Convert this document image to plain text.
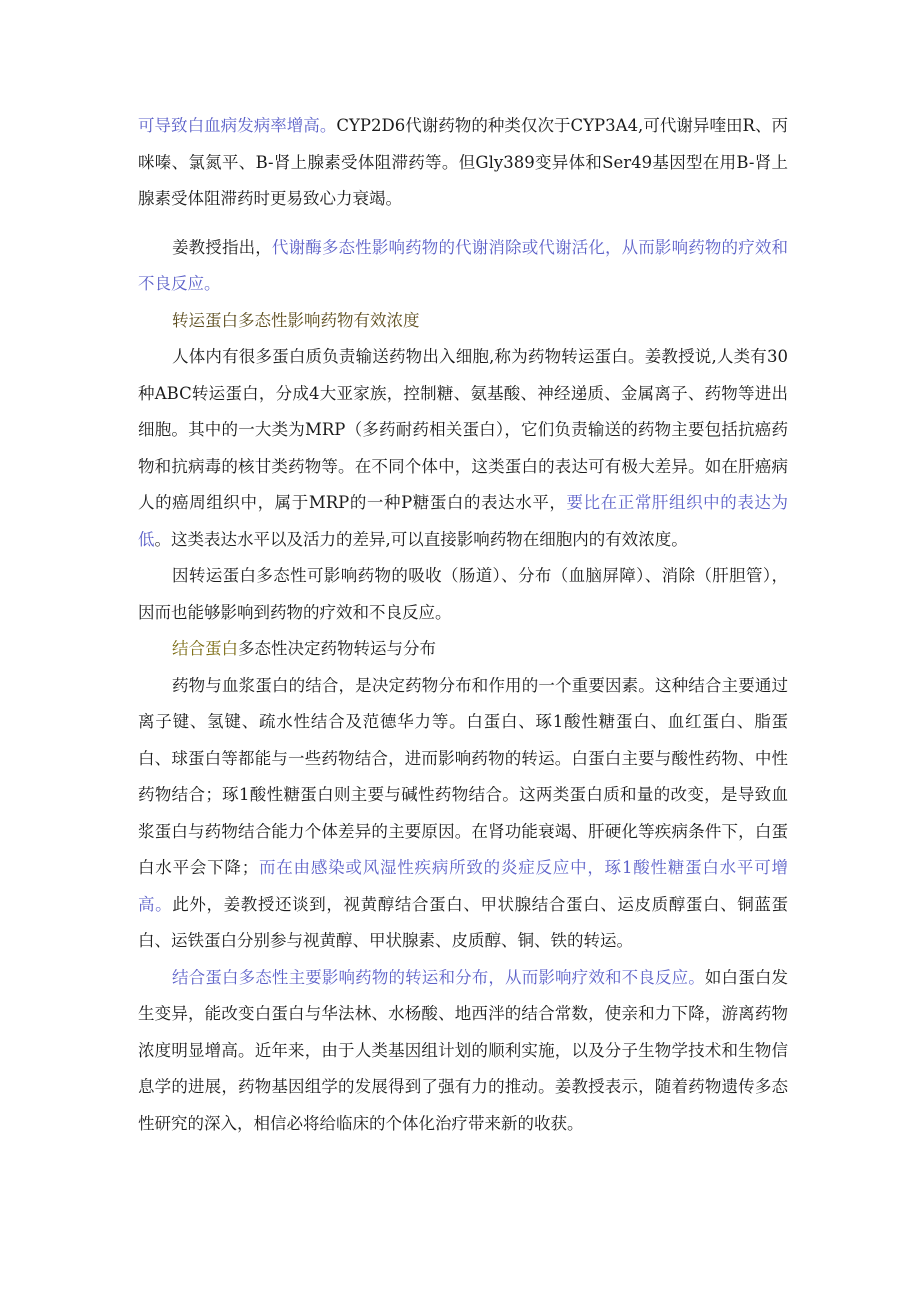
可导致白血病发病率增高。CYP2D6代谢药物的种类仅次于CYP3A4,可代谢异喹田R、丙咪嗪、氯氮平、B-肾上腺素受体阻滞药等。但Gly389变异体和Ser49基因型在用B-肾上腺素受体阻滞药时更易致心力衰竭。

姜教授指出，代谢酶多态性影响药物的代谢消除或代谢活化，从而影响药物的疗效和不良反应。

转运蛋白多态性影响药物有效浓度

人体内有很多蛋白质负责输送药物出入细胞,称为药物转运蛋白。姜教授说,人类有30种ABC转运蛋白，分成4大亚家族，控制糖、氨基酸、神经递质、金属离子、药物等进出细胞。其中的一大类为MRP（多药耐药相关蛋白），它们负责输送的药物主要包括抗癌药物和抗病毒的核甘类药物等。在不同个体中，这类蛋白的表达可有极大差异。如在肝癌病人的癌周组织中，属于MRP的一种P糖蛋白的表达水平，要比在正常肝组织中的表达为低。这类表达水平以及活力的差异,可以直接影响药物在细胞内的有效浓度。

因转运蛋白多态性可影响药物的吸收（肠道）、分布（血脑屏障）、消除（肝胆管），因而也能够影响到药物的疗效和不良反应。

结合蛋白多态性决定药物转运与分布

药物与血浆蛋白的结合，是决定药物分布和作用的一个重要因素。这种结合主要通过离子键、氢键、疏水性结合及范德华力等。白蛋白、琢1酸性糖蛋白、血红蛋白、脂蛋白、球蛋白等都能与一些药物结合，进而影响药物的转运。白蛋白主要与酸性药物、中性药物结合；琢1酸性糖蛋白则主要与碱性药物结合。这两类蛋白质和量的改变，是导致血浆蛋白与药物结合能力个体差异的主要原因。在肾功能衰竭、肝硬化等疾病条件下，白蛋白水平会下降；而在由感染或风湿性疾病所致的炎症反应中，琢1酸性糖蛋白水平可增高。此外，姜教授还谈到，视黄醇结合蛋白、甲状腺结合蛋白、运皮质醇蛋白、铜蓝蛋白、运铁蛋白分别参与视黄醇、甲状腺素、皮质醇、铜、铁的转运。

结合蛋白多态性主要影响药物的转运和分布，从而影响疗效和不良反应。如白蛋白发生变异，能改变白蛋白与华法林、水杨酸、地西泮的结合常数，使亲和力下降，游离药物浓度明显增高。近年来，由于人类基因组计划的顺利实施，以及分子生物学技术和生物信息学的进展，药物基因组学的发展得到了强有力的推动。姜教授表示，随着药物遗传多态性研究的深入，相信必将给临床的个体化治疗带来新的收获。
